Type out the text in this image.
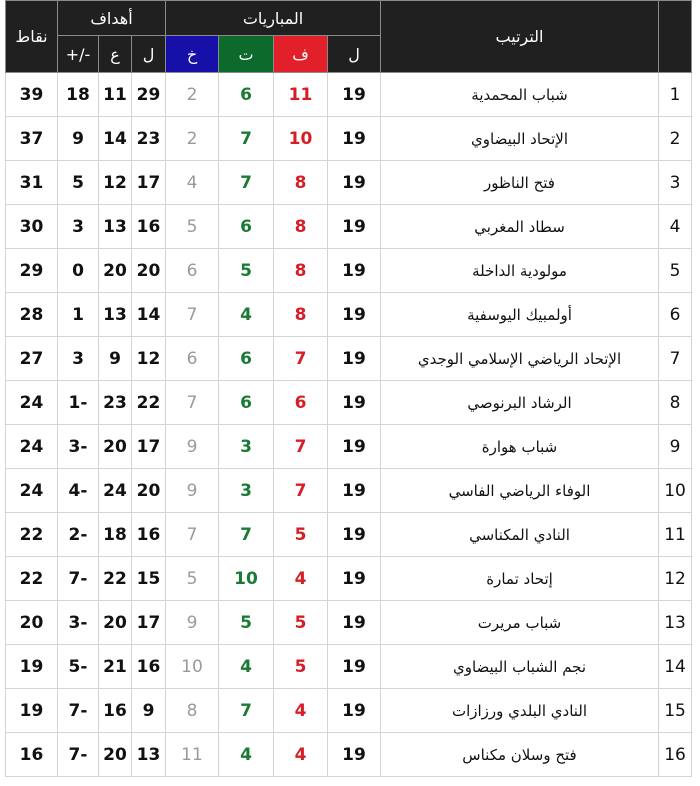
نقاط	أهداف			المباريات				الترتيب	
	+/-	ع	ل	خ	ت	ف	ل		
39	18	11	29	2	6	11	19	شباب المحمدية	1
37	9	14	23	2	7	10	19	الإتحاد البيضاوي	2
31	5	12	17	4	7	8	19	فتح الناظور	3
30	3	13	16	5	6	8	19	سطاد المغربي	4
29	0	20	20	6	5	8	19	مولودية الداخلة	5
28	1	13	14	7	4	8	19	أولمبيك اليوسفية	6
27	3	9	12	6	6	7	19	الإتحاد الرياضي الإسلامي الوجدي	7
24	1-	23	22	7	6	6	19	الرشاد البرنوصي	8
24	3-	20	17	9	3	7	19	شباب هوارة	9
24	4-	24	20	9	3	7	19	الوفاء الرياضي الفاسي	10
22	2-	18	16	7	7	5	19	النادي المكناسي	11
22	7-	22	15	5	10	4	19	إتحاد تمارة	12
20	3-	20	17	9	5	5	19	شباب مريرت	13
19	5-	21	16	10	4	5	19	نجم الشباب البيضاوي	14
19	7-	16	9	8	7	4	19	النادي البلدي ورزازات	15
16	7-	20	13	11	4	4	19	فتح وسلان مكناس	16
